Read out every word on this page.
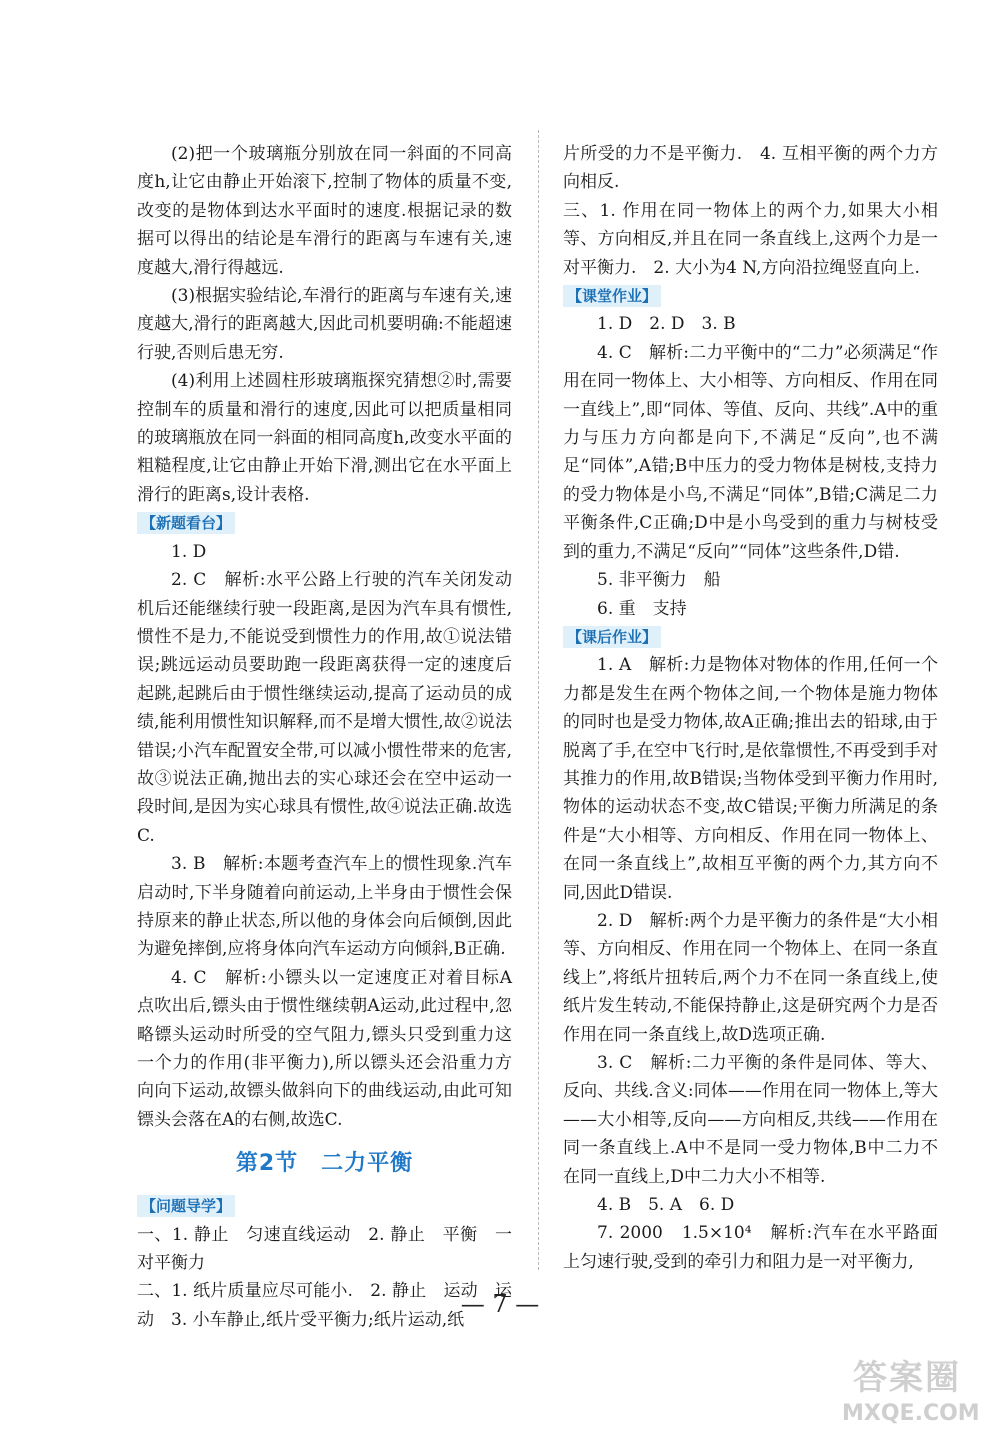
(2)把一个玻璃瓶分别放在同一斜面的不同高度h,让它由静止开始滚下,控制了物体的质量不变,改变的是物体到达水平面时的速度.根据记录的数据可以得出的结论是车滑行的距离与车速有关,速度越大,滑行得越远.

(3)根据实验结论,车滑行的距离与车速有关,速度越大,滑行的距离越大,因此司机要明确:不能超速行驶,否则后患无穷.

(4)利用上述圆柱形玻璃瓶探究猜想②时,需要控制车的质量和滑行的速度,因此可以把质量相同的玻璃瓶放在同一斜面的相同高度h,改变水平面的粗糙程度,让它由静止开始下滑,测出它在水平面上滑行的距离s,设计表格.

【新题看台】

1. D

2. C　解析:水平公路上行驶的汽车关闭发动机后还能继续行驶一段距离,是因为汽车具有惯性,惯性不是力,不能说受到惯性力的作用,故①说法错误;跳远运动员要助跑一段距离获得一定的速度后起跳,起跳后由于惯性继续运动,提高了运动员的成绩,能利用惯性知识解释,而不是增大惯性,故②说法错误;小汽车配置安全带,可以减小惯性带来的危害,故③说法正确,抛出去的实心球还会在空中运动一段时间,是因为实心球具有惯性,故④说法正确.故选C.

3. B　解析:本题考查汽车上的惯性现象.汽车启动时,下半身随着向前运动,上半身由于惯性会保持原来的静止状态,所以他的身体会向后倾倒,因此为避免摔倒,应将身体向汽车运动方向倾斜,B正确.

4. C　解析:小镖头以一定速度正对着目标A点吹出后,镖头由于惯性继续朝A运动,此过程中,忽略镖头运动时所受的空气阻力,镖头只受到重力这一个力的作用(非平衡力),所以镖头还会沿重力方向向下运动,故镖头做斜向下的曲线运动,由此可知镖头会落在A的右侧,故选C.

第2节　二力平衡
【问题导学】

一、1. 静止　匀速直线运动　2. 静止　平衡　一对平衡力

二、1. 纸片质量应尽可能小.　2. 静止　运动　运动　3. 小车静止,纸片受平衡力;纸片运动,纸

片所受的力不是平衡力.　4. 互相平衡的两个力方向相反.

三、1. 作用在同一物体上的两个力,如果大小相等、方向相反,并且在同一条直线上,这两个力是一对平衡力.　2. 大小为4 N,方向沿拉绳竖直向上.

【课堂作业】

1. D　2. D　3. B

4. C　解析:二力平衡中的“二力”必须满足“作用在同一物体上、大小相等、方向相反、作用在同一直线上”,即“同体、等值、反向、共线”.A中的重力与压力方向都是向下,不满足“反向”,也不满足“同体”,A错;B中压力的受力物体是树枝,支持力的受力物体是小鸟,不满足“同体”,B错;C满足二力平衡条件,C正确;D中是小鸟受到的重力与树枝受到的重力,不满足“反向”“同体”这些条件,D错.

5. 非平衡力　船

6. 重　支持

【课后作业】

1. A　解析:力是物体对物体的作用,任何一个力都是发生在两个物体之间,一个物体是施力物体的同时也是受力物体,故A正确;推出去的铅球,由于脱离了手,在空中飞行时,是依靠惯性,不再受到手对其推力的作用,故B错误;当物体受到平衡力作用时,物体的运动状态不变,故C错误;平衡力所满足的条件是“大小相等、方向相反、作用在同一物体上、在同一条直线上”,故相互平衡的两个力,其方向不同,因此D错误.

2. D　解析:两个力是平衡力的条件是“大小相等、方向相反、作用在同一个物体上、在同一条直线上”,将纸片扭转后,两个力不在同一条直线上,使纸片发生转动,不能保持静止,这是研究两个力是否作用在同一条直线上,故D选项正确.

3. C　解析:二力平衡的条件是同体、等大、反向、共线.含义:同体——作用在同一物体上,等大——大小相等,反向——方向相反,共线——作用在同一条直线上.A中不是同一受力物体,B中二力不在同一直线上,D中二力大小不相等.

4. B　5. A　6. D

7. 2000　1.5×10⁴　解析:汽车在水平路面上匀速行驶,受到的牵引力和阻力是一对平衡力,

— 7 —
答案圈
MXQE.COM
